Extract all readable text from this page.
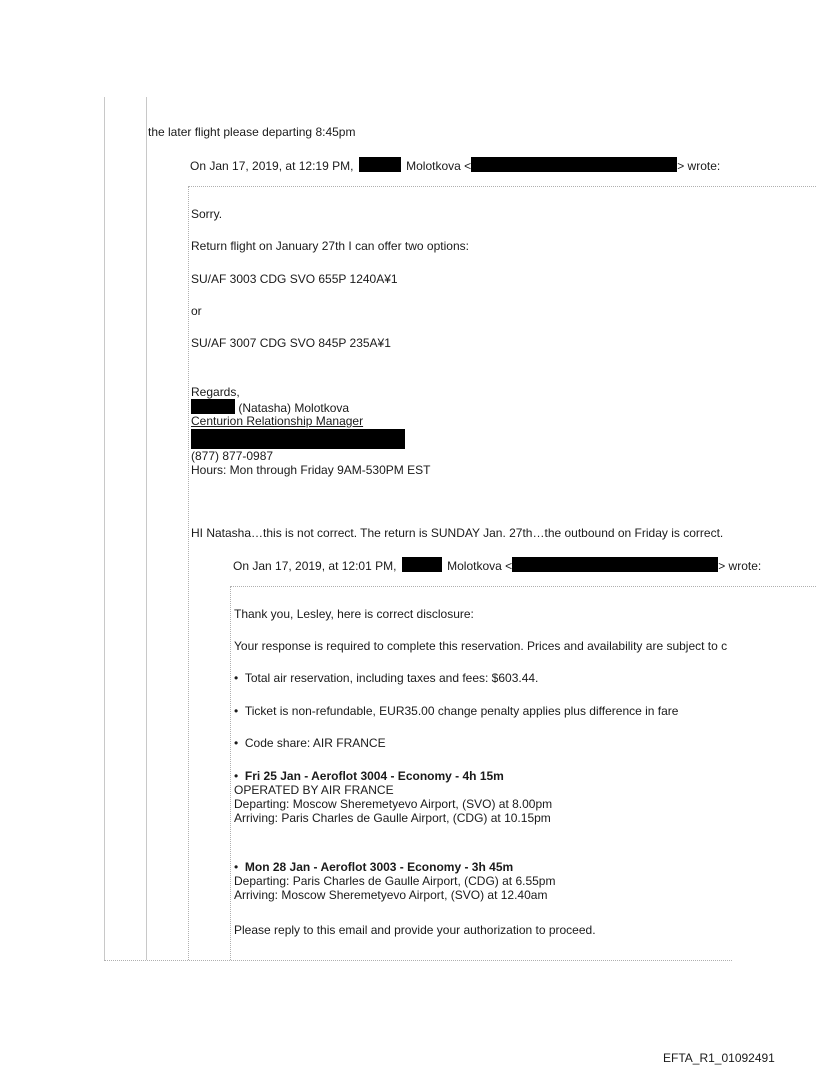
the later flight please departing 8:45pm
On Jan 17, 2019, at 12:19 PM,	Molotkova <	> wrote:
Sorry.
Return flight on January 27th I can offer two options:
SU/AF 3003 CDG SVO 655P 1240A¥1
or
SU/AF 3007 CDG SVO 845P 235A¥1
Regards,
(Natasha) Molotkova
Centurion Relationship Manager
(877) 877-0987
Hours: Mon through Friday 9AM-530PM EST
HI Natasha…this is not correct. The return is SUNDAY Jan. 27th…the outbound on Friday is correct.
On Jan 17, 2019, at 12:01 PM,	Molotkova <	> wrote:
Thank you, Lesley, here is correct disclosure:
Your response is required to complete this reservation. Prices and availability are subject to c
• Total air reservation, including taxes and fees: $603.44.
• Ticket is non-refundable, EUR35.00 change penalty applies plus difference in fare
• Code share: AIR FRANCE
• Fri 25 Jan - Aeroflot 3004 - Economy - 4h 15m
OPERATED BY AIR FRANCE
Departing: Moscow Sheremetyevo Airport, (SVO) at 8.00pm
Arriving: Paris Charles de Gaulle Airport, (CDG) at 10.15pm
• Mon 28 Jan - Aeroflot 3003 - Economy - 3h 45m
Departing: Paris Charles de Gaulle Airport, (CDG) at 6.55pm
Arriving: Moscow Sheremetyevo Airport, (SVO) at 12.40am
Please reply to this email and provide your authorization to proceed.
EFTA_R1_01092491
